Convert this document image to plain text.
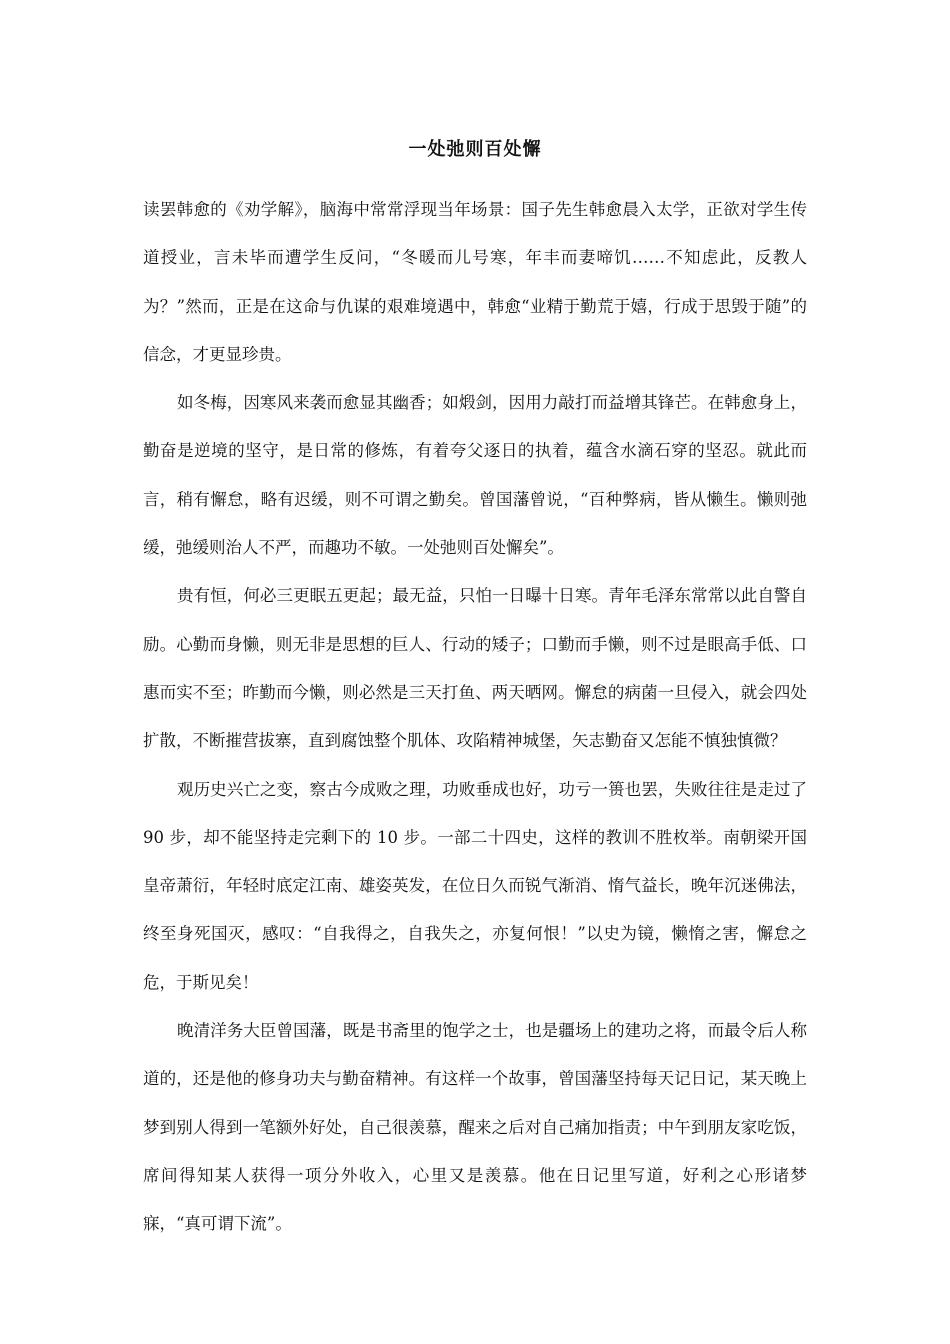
一处弛则百处懈

读罢韩愈的《劝学解》，脑海中常常浮现当年场景：国子先生韩愈晨入太学，正欲对学生传道授业，言未毕而遭学生反问，“冬暖而儿号寒，年丰而妻啼饥……不知虑此，反教人为？”然而，正是在这命与仇谋的艰难境遇中，韩愈“业精于勤荒于嬉，行成于思毁于随”的信念，才更显珍贵。

如冬梅，因寒风来袭而愈显其幽香；如煅剑，因用力敲打而益增其锋芒。在韩愈身上，勤奋是逆境的坚守，是日常的修炼，有着夸父逐日的执着，蕴含水滴石穿的坚忍。就此而言，稍有懈怠，略有迟缓，则不可谓之勤矣。曾国藩曾说，“百种弊病，皆从懒生。懒则弛缓，弛缓则治人不严，而趣功不敏。一处弛则百处懈矣”。

贵有恒，何必三更眠五更起；最无益，只怕一日曝十日寒。青年毛泽东常常以此自警自励。心勤而身懒，则无非是思想的巨人、行动的矮子；口勤而手懒，则不过是眼高手低、口惠而实不至；昨勤而今懒，则必然是三天打鱼、两天晒网。懈怠的病菌一旦侵入，就会四处扩散，不断摧营拔寨，直到腐蚀整个肌体、攻陷精神城堡，矢志勤奋又怎能不慎独慎微？

观历史兴亡之变，察古今成败之理，功败垂成也好，功亏一篑也罢，失败往往是走过了 90 步，却不能坚持走完剩下的 10 步。一部二十四史，这样的教训不胜枚举。南朝梁开国皇帝萧衍，年轻时底定江南、雄姿英发，在位日久而锐气渐消、惰气益长，晚年沉迷佛法，终至身死国灭，感叹：“自我得之，自我失之，亦复何恨！”以史为镜，懒惰之害，懈怠之危，于斯见矣！

晚清洋务大臣曾国藩，既是书斋里的饱学之士，也是疆场上的建功之将，而最令后人称道的，还是他的修身功夫与勤奋精神。有这样一个故事，曾国藩坚持每天记日记，某天晚上梦到别人得到一笔额外好处，自己很羡慕，醒来之后对自己痛加指责；中午到朋友家吃饭，席间得知某人获得一项分外收入，心里又是羡慕。他在日记里写道，好利之心形诸梦寐，“真可谓下流”。
